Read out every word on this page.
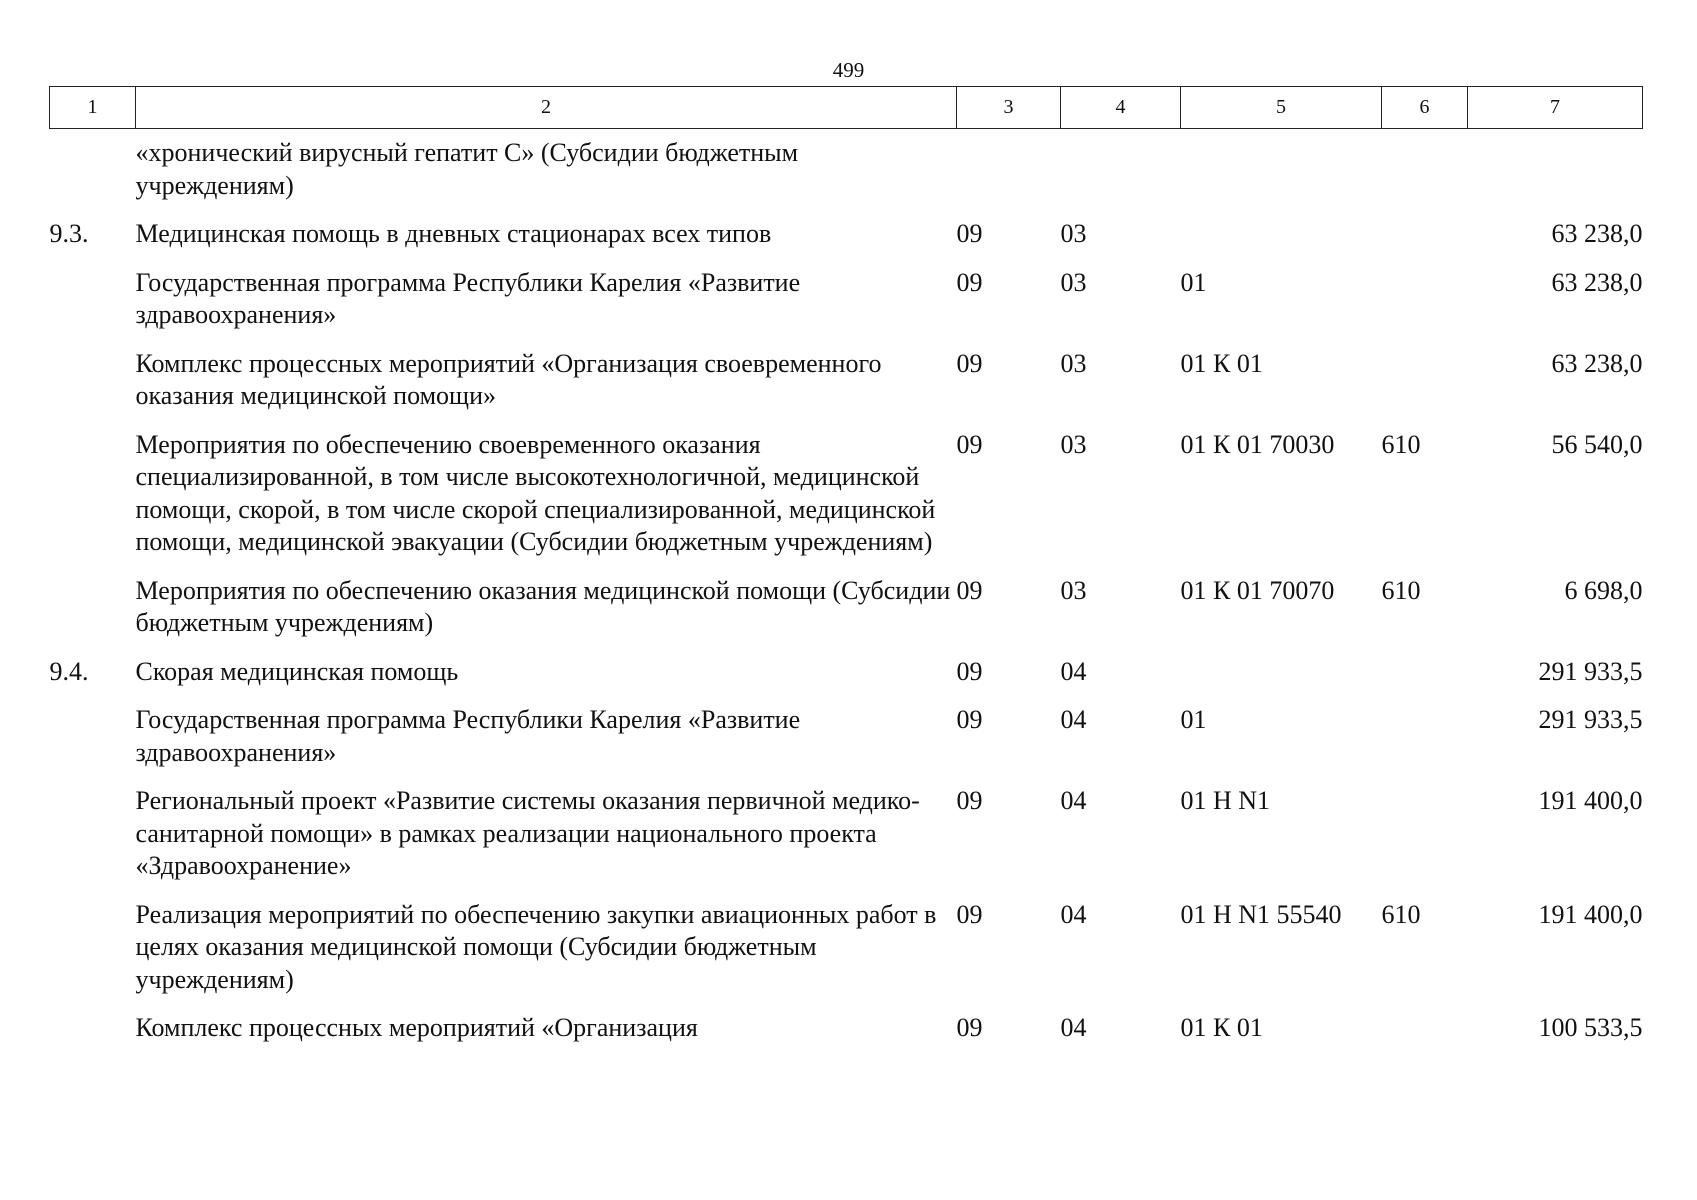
499
1	2	3	4	5	6	7
	«хронический вирусный гепатит С» (Субсидии бюджетным учреждениям)					
9.3.	Медицинская помощь в дневных стационарах всех типов	09	03			63 238,0
	Государственная программа Республики Карелия «Развитие здравоохранения»	09	03	01		63 238,0
	Комплекс процессных мероприятий «Организация своевременного оказания медицинской помощи»	09	03	01 К 01		63 238,0
	Мероприятия по обеспечению своевременного оказания специализированной, в том числе высокотехнологичной, медицинской помощи, скорой, в том числе скорой специализированной, медицинской помощи, медицинской эвакуации (Субсидии бюджетным учреждениям)	09	03	01 К 01 70030	610	56 540,0
	Мероприятия по обеспечению оказания медицинской помощи (Субсидии бюджетным учреждениям)	09	03	01 К 01 70070	610	6 698,0
9.4.	Скорая медицинская помощь	09	04			291 933,5
	Государственная программа Республики Карелия «Развитие здравоохранения»	09	04	01		291 933,5
	Региональный проект «Развитие системы оказания первичной медико-санитарной помощи» в рамках реализации национального проекта «Здравоохранение»	09	04	01 Н N1		191 400,0
	Реализация мероприятий по обеспечению закупки авиационных работ в целях оказания медицинской помощи (Субсидии бюджетным учреждениям)	09	04	01 Н N1 55540	610	191 400,0
	Комплекс процессных мероприятий «Организация	09	04	01 К 01		100 533,5
